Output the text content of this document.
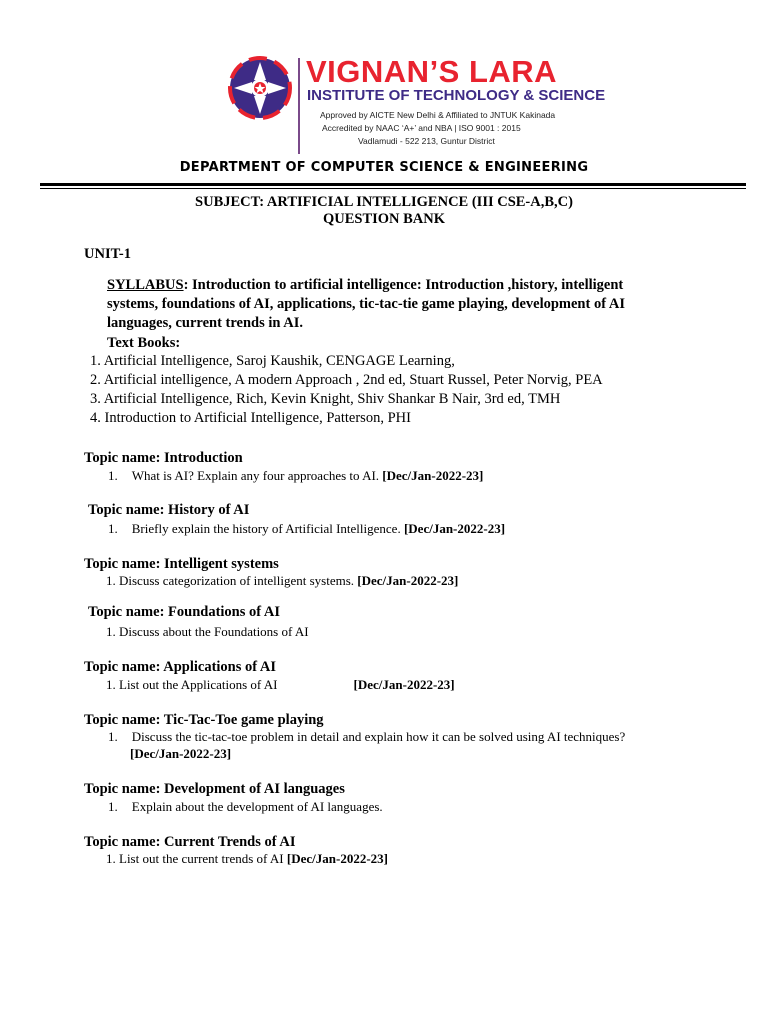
VIGNAN’S LARA
INSTITUTE OF TECHNOLOGY & SCIENCE
Approved by AICTE New Delhi & Affiliated to JNTUK Kakinada
Accredited by NAAC ‘A+’ and NBA | ISO 9001 : 2015
Vadlamudi - 522 213, Guntur District
DEPARTMENT OF COMPUTER SCIENCE & ENGINEERING
SUBJECT: ARTIFICIAL INTELLIGENCE (III CSE-A,B,C)
QUESTION BANK
UNIT-1
SYLLABUS: Introduction to artificial intelligence: Introduction ,history, intelligent systems, foundations of AI, applications, tic-tac-tie game playing, development of AI languages, current trends in AI.
Text Books:
1. Artificial Intelligence, Saroj Kaushik, CENGAGE Learning,
2. Artificial intelligence, A modern Approach , 2nd ed, Stuart Russel, Peter Norvig, PEA
3. Artificial Intelligence, Rich, Kevin Knight, Shiv Shankar B Nair, 3rd ed, TMH
4. Introduction to Artificial Intelligence, Patterson, PHI
Topic name: Introduction
1. What is AI? Explain any four approaches to AI. [Dec/Jan-2022-23]
Topic name: History of AI
1. Briefly explain the history of Artificial Intelligence. [Dec/Jan-2022-23]
Topic name: Intelligent systems
1. Discuss categorization of intelligent systems. [Dec/Jan-2022-23]
Topic name: Foundations of AI
1. Discuss about the Foundations of AI
Topic name: Applications of AI
1. List out the Applications of AI	[Dec/Jan-2022-23]
Topic name: Tic-Tac-Toe game playing
1. Discuss the tic-tac-toe problem in detail and explain how it can be solved using AI techniques?
[Dec/Jan-2022-23]
Topic name: Development of AI languages
1. Explain about the development of AI languages.
Topic name: Current Trends of AI
1. List out the current trends of AI [Dec/Jan-2022-23]
